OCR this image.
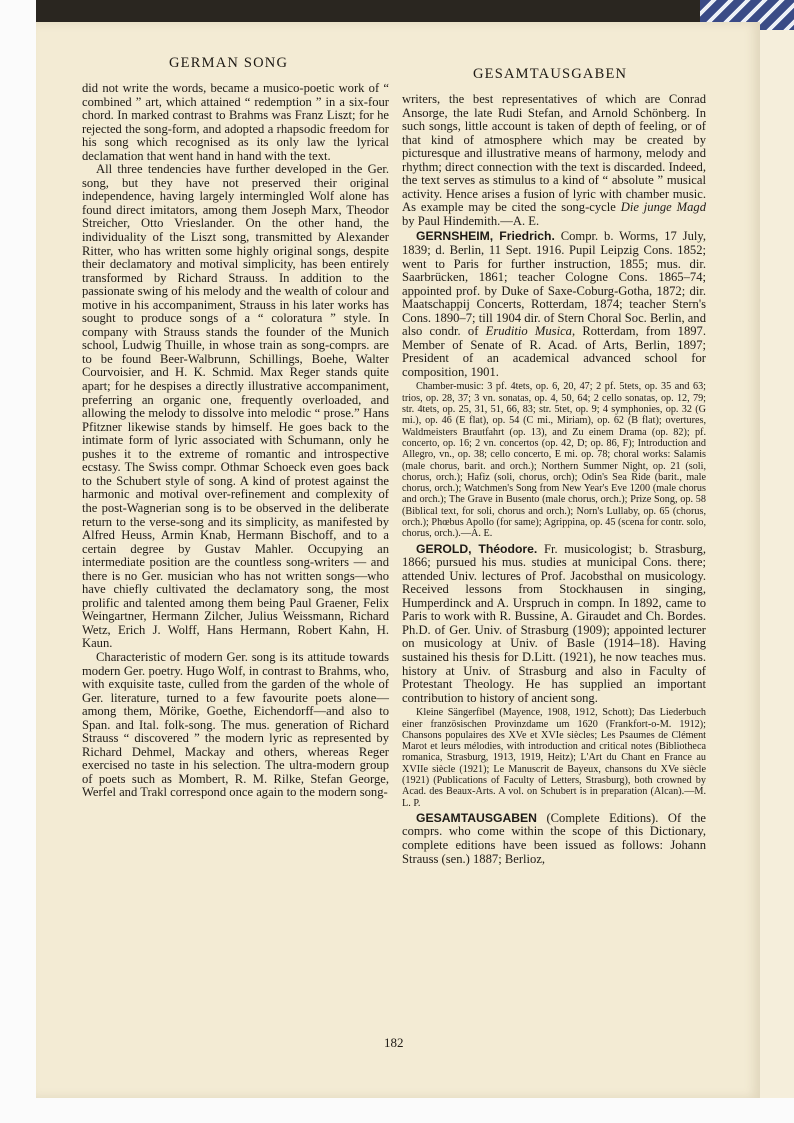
GERMAN SONG
GESAMTAUSGABEN

did not write the words, became a musico-poetic work of “ combined ” art, which attained “ redemption ” in a six-four chord. In marked contrast to Brahms was Franz Liszt; for he rejected the song-form, and adopted a rhapsodic freedom for his song which recognised as its only law the lyrical declamation that went hand in hand with the text.

All three tendencies have further developed in the Ger. song, but they have not preserved their original independence, having largely intermingled Wolf alone has found direct imitators, among them Joseph Marx, Theodor Streicher, Otto Vrieslander. On the other hand, the individuality of the Liszt song, transmitted by Alexander Ritter, who has written some highly original songs, despite their declamatory and motival simplicity, has been entirely transformed by Richard Strauss. In addition to the passionate swing of his melody and the wealth of colour and motive in his accompaniment, Strauss in his later works has sought to produce songs of a “ coloratura ” style. In company with Strauss stands the founder of the Munich school, Ludwig Thuille, in whose train as song-comprs. are to be found Beer-Walbrunn, Schillings, Boehe, Walter Courvoisier, and H. K. Schmid. Max Reger stands quite apart; for he despises a directly illustrative accompaniment, preferring an organic one, frequently overloaded, and allowing the melody to dissolve into melodic “ prose.” Hans Pfitzner likewise stands by himself. He goes back to the intimate form of lyric associated with Schumann, only he pushes it to the extreme of romantic and introspective ecstasy. The Swiss compr. Othmar Schoeck even goes back to the Schubert style of song. A kind of protest against the harmonic and motival over-refinement and complexity of the post-Wagnerian song is to be observed in the deliberate return to the verse-song and its simplicity, as manifested by Alfred Heuss, Armin Knab, Hermann Bischoff, and to a certain degree by Gustav Mahler. Occupying an intermediate position are the countless song-writers — and there is no Ger. musician who has not written songs—who have chiefly cultivated the declamatory song, the most prolific and talented among them being Paul Graener, Felix Weingartner, Hermann Zilcher, Julius Weissmann, Richard Wetz, Erich J. Wolff, Hans Hermann, Robert Kahn, H. Kaun.

Characteristic of modern Ger. song is its attitude towards modern Ger. poetry. Hugo Wolf, in contrast to Brahms, who, with exquisite taste, culled from the garden of the whole of Ger. literature, turned to a few favourite poets alone—among them, Mörike, Goethe, Eichendorff—and also to Span. and Ital. folk-song. The mus. generation of Richard Strauss “ discovered ” the modern lyric as represented by Richard Dehmel, Mackay and others, whereas Reger exercised no taste in his selection. The ultra-modern group of poets such as Mombert, R. M. Rilke, Stefan George, Werfel and Trakl correspond once again to the modern song-

writers, the best representatives of which are Conrad Ansorge, the late Rudi Stefan, and Arnold Schönberg. In such songs, little account is taken of depth of feeling, or of that kind of atmosphere which may be created by picturesque and illustrative means of harmony, melody and rhythm; direct connection with the text is discarded. Indeed, the text serves as stimulus to a kind of “ absolute ” musical activity. Hence arises a fusion of lyric with chamber music. As example may be cited the song-cycle Die junge Magd by Paul Hindemith.—A. E.

GERNSHEIM, Friedrich. Compr. b. Worms, 17 July, 1839; d. Berlin, 11 Sept. 1916. Pupil Leipzig Cons. 1852; went to Paris for further instruction, 1855; mus. dir. Saarbrücken, 1861; teacher Cologne Cons. 1865–74; appointed prof. by Duke of Saxe-Coburg-Gotha, 1872; dir. Maatschappij Concerts, Rotterdam, 1874; teacher Stern's Cons. 1890–7; till 1904 dir. of Stern Choral Soc. Berlin, and also condr. of Eruditio Musica, Rotterdam, from 1897. Member of Senate of R. Acad. of Arts, Berlin, 1897; President of an academical advanced school for composition, 1901.

Chamber-music: 3 pf. 4tets, op. 6, 20, 47; 2 pf. 5tets, op. 35 and 63; trios, op. 28, 37; 3 vn. sonatas, op. 4, 50, 64; 2 cello sonatas, op. 12, 79; str. 4tets, op. 25, 31, 51, 66, 83; str. 5tet, op. 9; 4 symphonies, op. 32 (G mi.), op. 46 (E flat), op. 54 (C mi., Miriam), op. 62 (B flat); overtures, Waldmeisters Brautfahrt (op. 13), and Zu einem Drama (op. 82); pf. concerto, op. 16; 2 vn. concertos (op. 42, D; op. 86, F); Introduction and Allegro, vn., op. 38; cello concerto, E mi. op. 78; choral works: Salamis (male chorus, barit. and orch.); Northern Summer Night, op. 21 (soli, chorus, orch.); Hafiz (soli, chorus, orch); Odin's Sea Ride (barit., male chorus, orch.); Watchmen's Song from New Year's Eve 1200 (male chorus and orch.); The Grave in Busento (male chorus, orch.); Prize Song, op. 58 (Biblical text, for soli, chorus and orch.); Norn's Lullaby, op. 65 (chorus, orch.); Phœbus Apollo (for same); Agrippina, op. 45 (scena for contr. solo, chorus, orch.).—A. E.

GEROLD, Théodore. Fr. musicologist; b. Strasburg, 1866; pursued his mus. studies at municipal Cons. there; attended Univ. lectures of Prof. Jacobsthal on musicology. Received lessons from Stockhausen in singing, Humperdinck and A. Urspruch in compn. In 1892, came to Paris to work with R. Bussine, A. Giraudet and Ch. Bordes. Ph.D. of Ger. Univ. of Strasburg (1909); appointed lecturer on musicology at Univ. of Basle (1914–18). Having sustained his thesis for D.Litt. (1921), he now teaches mus. history at Univ. of Strasburg and also in Faculty of Protestant Theology. He has supplied an important contribution to history of ancient song.

Kleine Sängerfibel (Mayence, 1908, 1912, Schott); Das Liederbuch einer französischen Provinzdame um 1620 (Frankfort-o-M. 1912); Chansons populaires des XVe et XVIe siècles; Les Psaumes de Clément Marot et leurs mélodies, with introduction and critical notes (Bibliotheca romanica, Strasburg, 1913, 1919, Heitz); L'Art du Chant en France au XVIIe siècle (1921); Le Manuscrit de Bayeux, chansons du XVe siècle (1921) (Publications of Faculty of Letters, Strasburg), both crowned by Acad. des Beaux-Arts. A vol. on Schubert is in preparation (Alcan).—M. L. P.

GESAMTAUSGABEN (Complete Editions). Of the comprs. who come within the scope of this Dictionary, complete editions have been issued as follows: Johann Strauss (sen.) 1887; Berlioz,

182
